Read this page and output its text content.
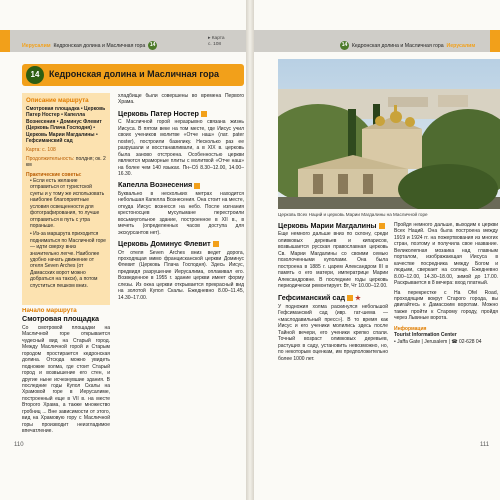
Иерусалим Кедронская долина и Масличная гора 14
▸ Карта
с. 108
14	Кедронская долина и Масличная гора
Описание маршрута

Смотровая площадка • Церковь Патер Ностер • Капелла Вознесения • Доминус Флевит (Церковь Плача Господня) • Церковь Марии Магдалины • Гефсиманский сад

Карта: с. 108

Продолжительность: полдня; ок. 2 км

Практические советы:

• Если есть желание отправиться от туристской суеты и у тому же использовать наиболее благоприятные условия освещенности для фотографирования, то лучше отправиться в путь с утра пораньше.

• Из-за маршрута приходится подниматься по Масличной горе — идти сверху вниз значительно легче. Наиболее удобно начать движение от отеля Seven Arches (от Дамасских ворот можно добраться на такси), а потом спуститься пешком вниз.

Начало маршрута
Смотровая площадка
Со смотровой площадки на Масличной горе открывается чудесный вид на Старый город. Между Масличной горой и Старым городом простирается кедронская долина. Отсюда можно увидеть подножие холма, где стоит Старый город и возвышение его стен, и другие ныне исчезнувшие здания. В последние годы Купол Скалы на Храмовой горе в Иерусалиме, построенный еще в VII в. на месте Второго Храма, а также множество гробниц ... Вне зависимости от этого, вид на Храмовую гору с Масличной горы производит неизгладимое впечатление.
хладбище были совершены во времена Первого Храма.
Церковь Патер Ностер
С Масличной горой неразрывно связана жизнь Иисуса. В пятом веке на том месте, где Иисус учил своих учеников молитве «Отче наш» (лат. pater noster), построили базилику. Несколько раз ее разрушали и восстанавливали, а в XIX в. церковь была заново отстроена. Особенностью церкви являются мраморные плиты с молитвой «Отче наш» на более чем 140 языках. Пн–Сб 8.30–12.00, 14.00–16.30.
Капелла Вознесения
Буквально в нескольких метрах находится небольшая Капелла Вознесения. Она стоит на месте, откуда Иисус вознесся на небо. После изгнания крестоносцев мусульмане перестроили восьмиугольное здание, построенное в XII в., в мечеть (определенных часов доступа для экскурсантов нет).
Церковь Доминус Флевит
От отеля Seven Arches вниз ведет дорога, проходящая мимо францисканской церкви Доминус Флевит (Церковь Плача Господня). Здесь Иисус, предвидя разрушение Иерусалима, оплакивал его. Возведенное в 1955 г. здание церкви имеет форму слезы. Из окна церкви открывается прекрасный вид на золотой Купол Скалы. Ежедневно 8.00–11.45, 14.30–17.00.
110
14 Кедронская долина и Масличная гора Иерусалим
Церковь Всех Наций и церковь Марии Магдалины на Масличной горе
Церковь Марии Магдалины
Еще немного дальше вниз по склону, среди оливковых деревьев и кипарисов, возвышается русская православная церковь Св. Марии Магдалины со своими семью позолоченными куполами. Она была построена в 1885 г. царем Александром III в память о его матери, императрице Марии Александровне. В последние годы церковь периодически ремонтирует. Вт, Чт 10.00–12.00.
Гефсиманский сад ★
У подножия холма раскинулся небольшой Гефсиманский сад (ивр. гат-шема — «маслодавильный пресс»). В то время как Иисус и его ученики молились здесь после Тайной вечери, его ученики крепко спали. Точный возраст оливковых деревьев, растущих в саду, установить невозможно, но, по некоторым оценкам, им предположительно более 1000 лет.
Пройдя немного дальше, выходим к церкви Всех Наций. Она была построена между 1919 и 1924 гг. на пожертвования из многих стран, поэтому и получила свое название. Великолепная мозаика над главным порталом, изображающая Иисуса в качестве посредника между Богом и людьми, сверкает на солнце. Ежедневно 8.00–12.00, 14.30–18.00, зимой до 17.00. Раскрывается в 8 вечера: вход платный.
На перекрестке с Ha Ofel Road, проходящим вокруг Старого города, вы двигайтесь к Дамасским воротам. Можно также пройти к Старому городу, пройдя через Львиные ворота.
Информация
Tourist Information Center
• Jaffa Gate | Jerusalem | ☎ 02-628 04
111
